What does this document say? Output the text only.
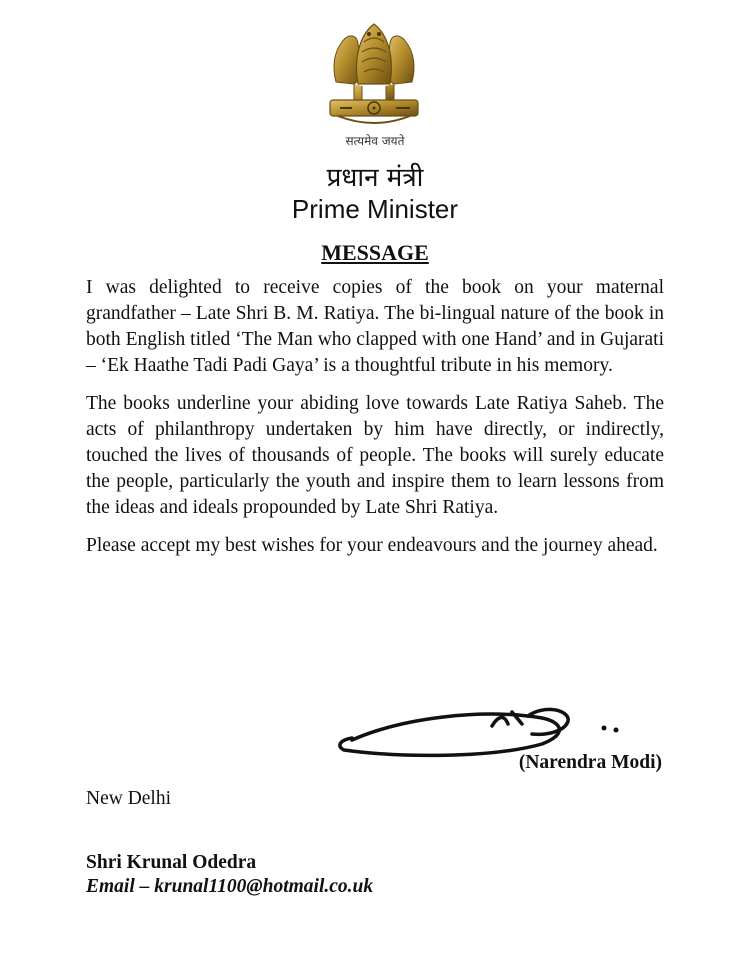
सत्यमेव जयते
प्रधान मंत्री
Prime Minister
MESSAGE

I was delighted to receive copies of the book on your maternal grandfather – Late Shri B. M. Ratiya. The bi-lingual nature of the book in both English titled ‘The Man who clapped with one Hand’ and in Gujarati – ‘Ek Haathe Tadi Padi Gaya’ is a thoughtful tribute in his memory.

The books underline your abiding love towards Late Ratiya Saheb. The acts of philanthropy undertaken by him have directly, or indirectly, touched the lives of thousands of people. The books will surely educate the people, particularly the youth and inspire them to learn lessons from the ideas and ideals propounded by Late Shri Ratiya.

Please accept my best wishes for your endeavours and the journey ahead.

(Narendra Modi)
New Delhi
Shri Krunal Odedra
Email – krunal1100@hotmail.co.uk
